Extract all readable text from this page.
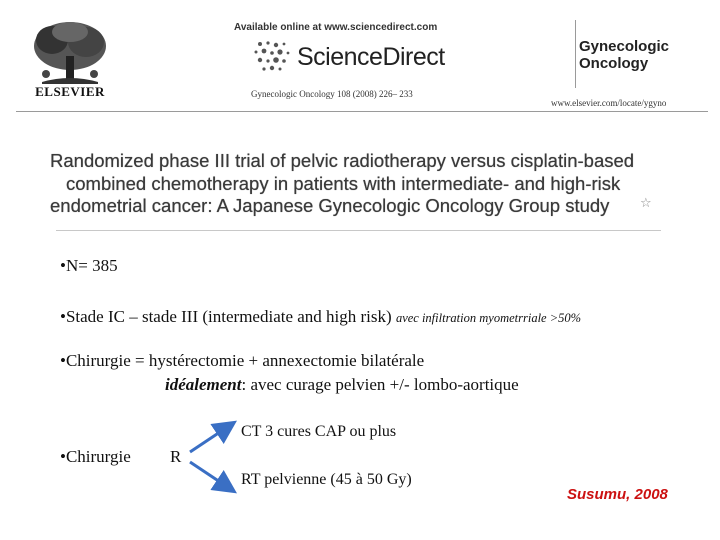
ELSEVIER
Available online at www.sciencedirect.com
ScienceDirect
Gynecologic Oncology 108 (2008) 226– 233
Gynecologic
Oncology
www.elsevier.com/locate/ygyno
Randomized phase III trial of pelvic radiotherapy versus cisplatin-based
combined chemotherapy in patients with intermediate- and high-risk
endometrial cancer: A Japanese Gynecologic Oncology Group study	☆
•N= 385
•Stade IC – stade III (intermediate and high risk) avec infiltration myometrriale >50%
•Chirurgie = hystérectomie + annexectomie bilatérale
idéalement: avec curage pelvien +/- lombo-aortique
•Chirurgie R
CT 3 cures CAP ou plus
RT pelvienne (45 à 50 Gy)
Susumu, 2008
